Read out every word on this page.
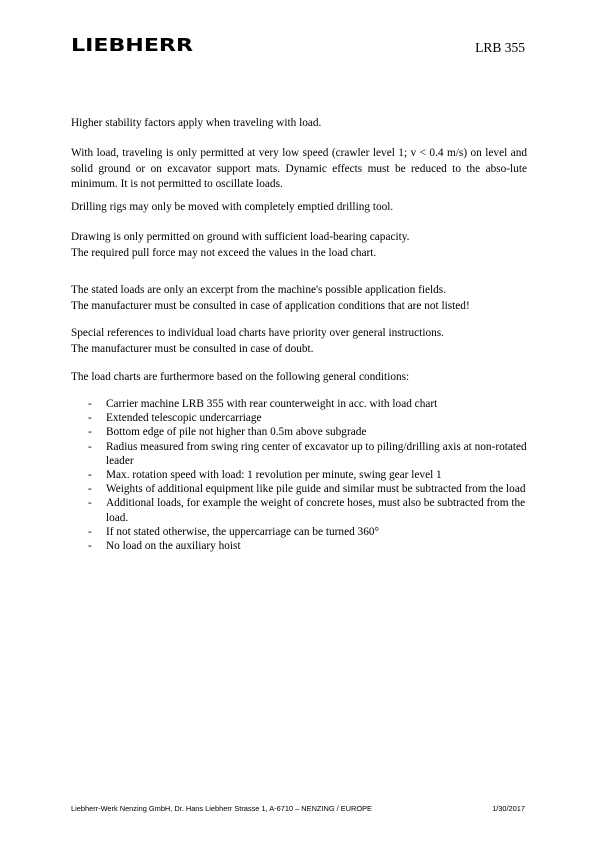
LIEBHERR	LRB 355

Higher stability factors apply when traveling with load.

With load, traveling is only permitted at very low speed (crawler level 1; v < 0.4 m/s) on level and solid ground or on excavator support mats. Dynamic effects must be reduced to the abso-lute minimum. It is not permitted to oscillate loads.

Drilling rigs may only be moved with completely emptied drilling tool.

Drawing is only permitted on ground with sufficient load-bearing capacity.
The required pull force may not exceed the values in the load chart.

The stated loads are only an excerpt from the machine's possible application fields.
The manufacturer must be consulted in case of application conditions that are not listed!

Special references to individual load charts have priority over general instructions.
The manufacturer must be consulted in case of doubt.

The load charts are furthermore based on the following general conditions:

- Carrier machine LRB 355 with rear counterweight in acc. with load chart
- Extended telescopic undercarriage
- Bottom edge of pile not higher than 0.5m above subgrade
- Radius measured from swing ring center of excavator up to piling/drilling axis at non-rotated leader
- Max. rotation speed with load: 1 revolution per minute, swing gear level 1
- Weights of additional equipment like pile guide and similar must be subtracted from the load
- Additional loads, for example the weight of concrete hoses, must also be subtracted from the load.
- If not stated otherwise, the uppercarriage can be turned 360°
- No load on the auxiliary hoist
Liebherr-Werk Nenzing GmbH, Dr. Hans Liebherr Strasse 1, A-6710 – NENZING / EUROPE	1/30/2017
